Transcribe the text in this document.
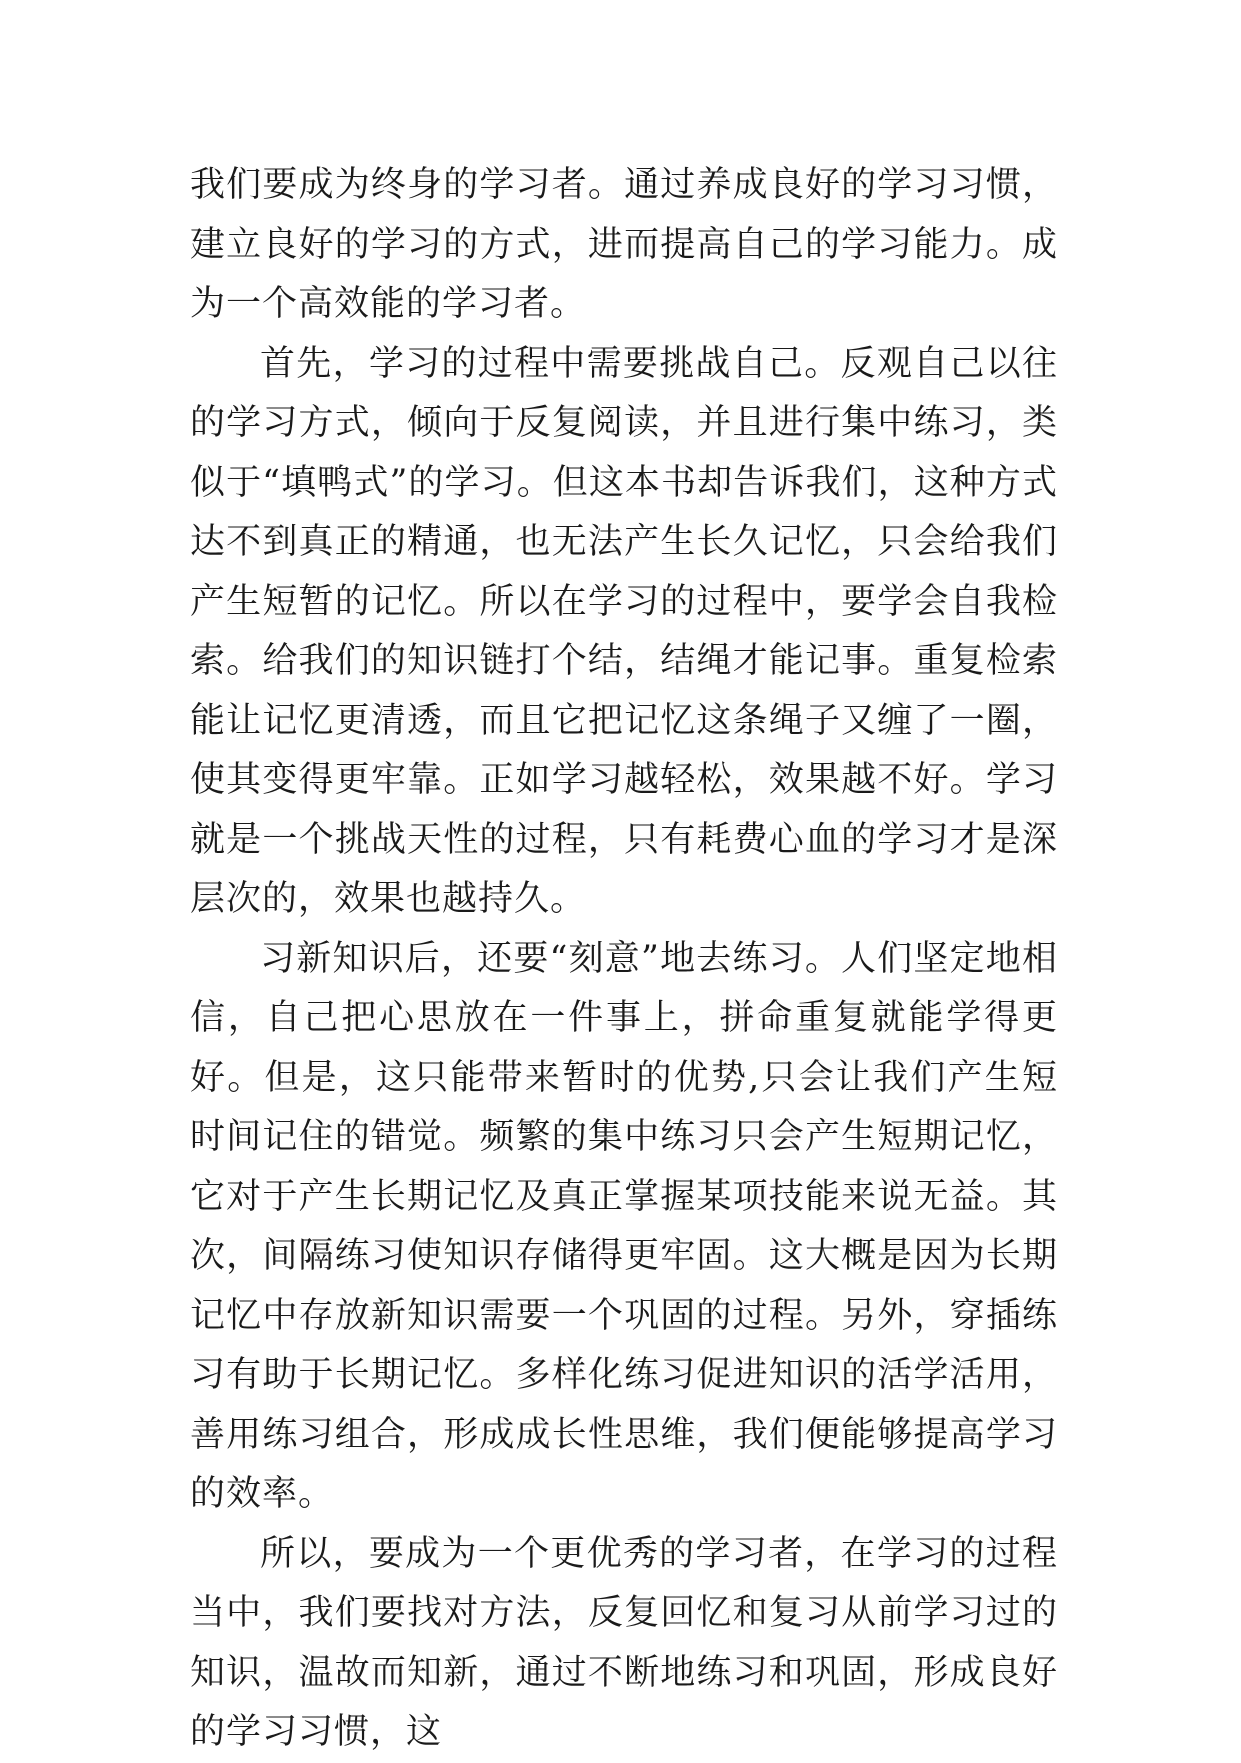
我们要成为终身的学习者。通过养成良好的学习习惯，建立良好的学习的方式，进而提高自己的学习能力。成为一个高效能的学习者。

首先，学习的过程中需要挑战自己。反观自己以往的学习方式，倾向于反复阅读，并且进行集中练习，类似于“填鸭式”的学习。但这本书却告诉我们，这种方式达不到真正的精通，也无法产生长久记忆，只会给我们产生短暂的记忆。所以在学习的过程中，要学会自我检索。给我们的知识链打个结，结绳才能记事。重复检索能让记忆更清透，而且它把记忆这条绳子又缠了一圈，使其变得更牢靠。正如学习越轻松，效果越不好。学习就是一个挑战天性的过程，只有耗费心血的学习才是深层次的，效果也越持久。

习新知识后，还要“刻意”地去练习。人们坚定地相信，自己把心思放在一件事上，拼命重复就能学得更好。但是，这只能带来暂时的优势,只会让我们产生短时间记住的错觉。频繁的集中练习只会产生短期记忆，它对于产生长期记忆及真正掌握某项技能来说无益。其次，间隔练习使知识存储得更牢固。这大概是因为长期记忆中存放新知识需要一个巩固的过程。另外，穿插练习有助于长期记忆。多样化练习促进知识的活学活用，善用练习组合，形成成长性思维，我们便能够提高学习的效率。

所以，要成为一个更优秀的学习者，在学习的过程当中，我们要找对方法，反复回忆和复习从前学习过的知识，温故而知新，通过不断地练习和巩固，形成良好的学习习惯，这
